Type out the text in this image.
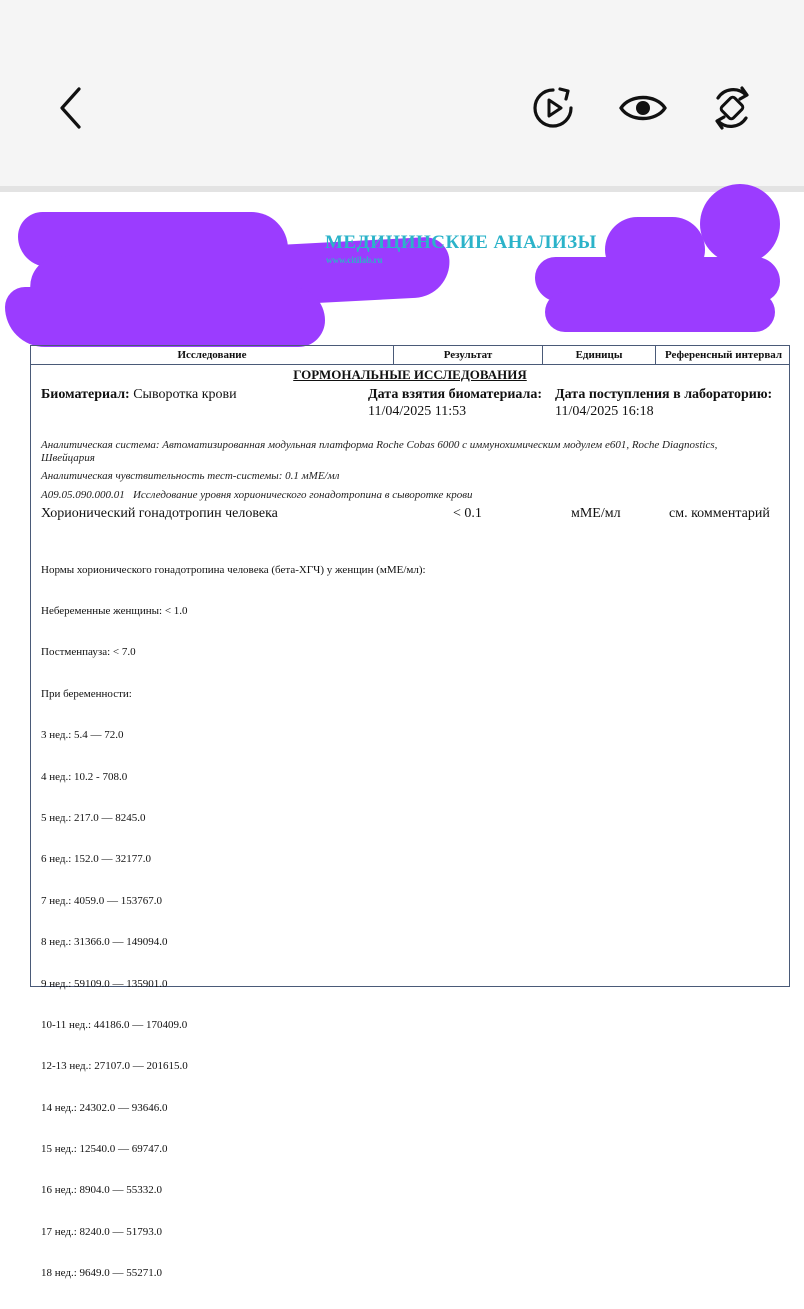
МЕДИЦИНСКИЕ АНАЛИЗЫ
www.citilab.ru
Исследование	Результат	Единицы	Референсный интервал
ГОРМОНАЛЬНЫЕ ИССЛЕДОВАНИЯ
Биоматериал: Сыворотка крови	Дата взятия биоматериала:
11/04/2025 11:53
Дата поступления в лабораторию:
11/04/2025 16:18
Аналитическая система: Автоматизированная модульная платформа Roche Cobas 6000 с иммунохимическим модулем e601, Roche Diagnostics,
Швейцария
Аналитическая чувствительность тест-системы: 0.1 мМЕ/мл
A09.05.090.000.01   Исследование уровня хорионического гонадотропина в сыворотке крови
Хорионический гонадотропин человека	< 0.1	мМЕ/мл	см. комментарий

Нормы хорионического гонадотропина человека (бета-ХГЧ) у женщин (мМЕ/мл):

Небеременные женщины: < 1.0

Постменпауза: < 7.0

При беременности:

3 нед.: 5.4 — 72.0

4 нед.: 10.2 - 708.0

5 нед.: 217.0 — 8245.0

6 нед.: 152.0 — 32177.0

7 нед.: 4059.0 — 153767.0

8 нед.: 31366.0 — 149094.0

9 нед.: 59109.0 — 135901.0

10-11 нед.: 44186.0 — 170409.0

12-13 нед.: 27107.0 — 201615.0

14 нед.: 24302.0 — 93646.0

15 нед.: 12540.0 — 69747.0

16 нед.: 8904.0 — 55332.0

17 нед.: 8240.0 — 51793.0

18 нед.: 9649.0 — 55271.0
